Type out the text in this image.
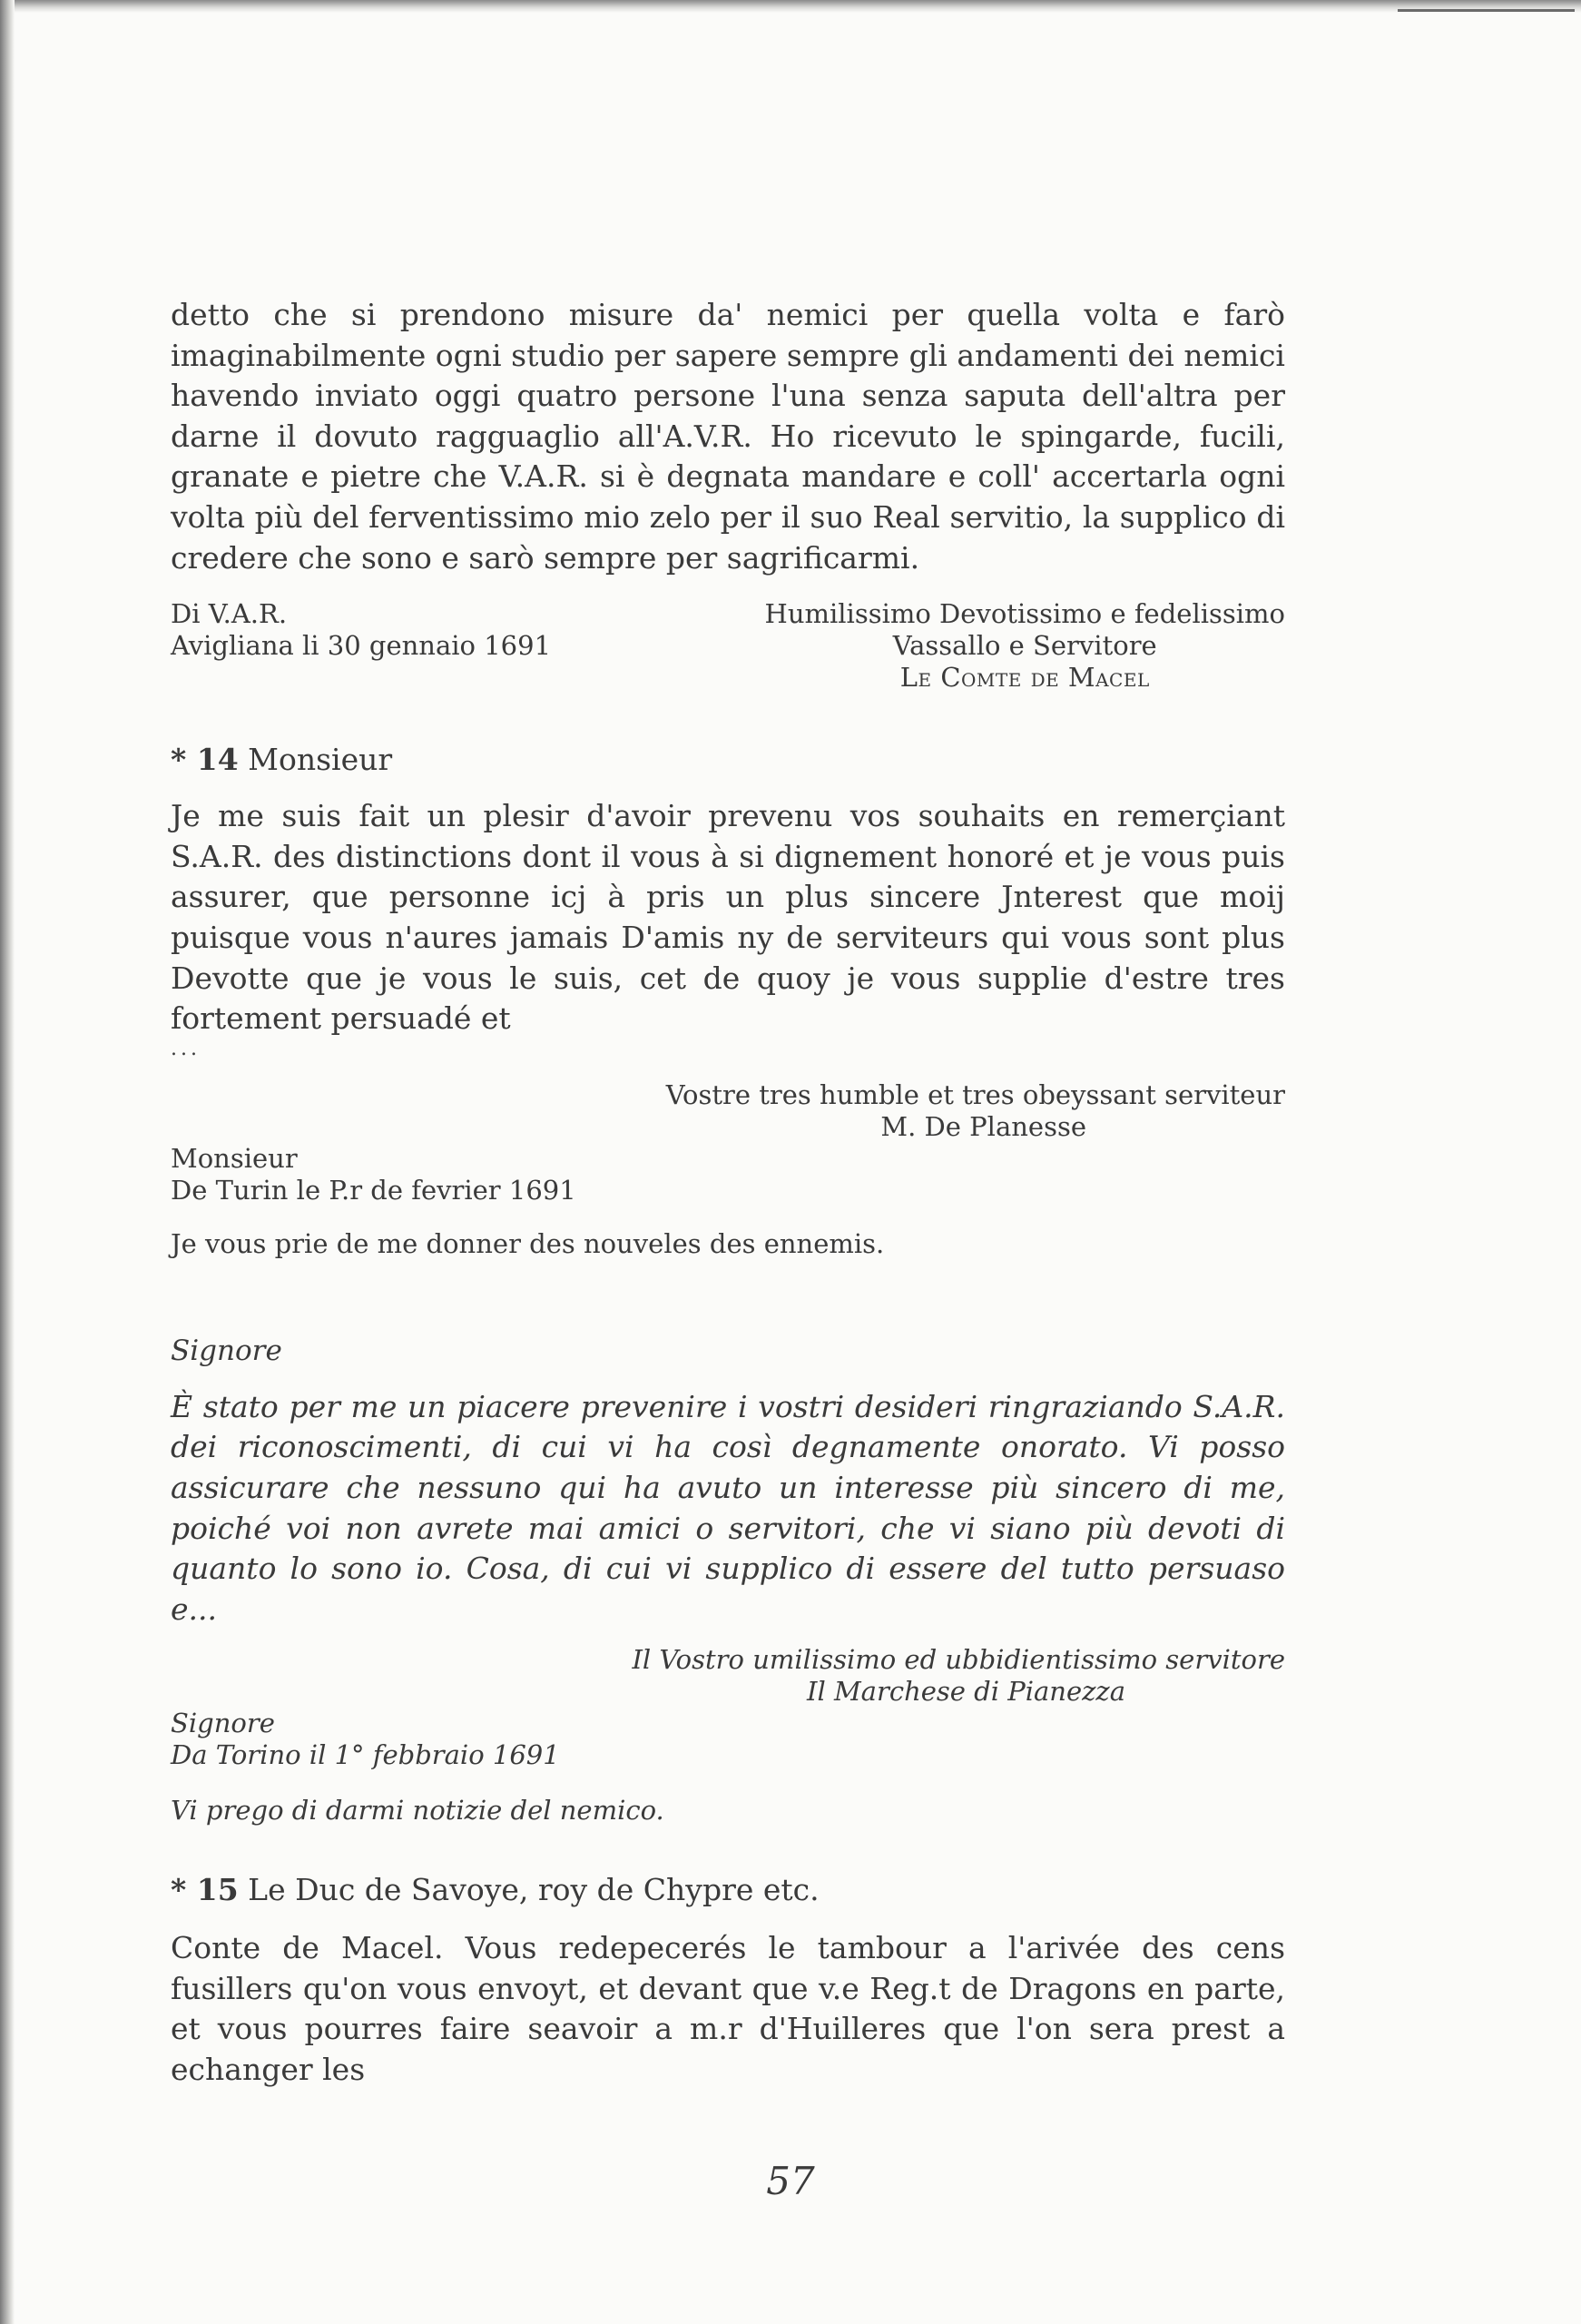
detto che si prendono misure da' nemici per quella volta e farò imaginabilmente ogni studio per sapere sempre gli andamenti dei nemici havendo inviato oggi quatro persone l'una senza saputa dell'altra per darne il dovuto ragguaglio all'A.V.R. Ho ricevuto le spingarde, fucili, granate e pietre che V.A.R. si è degnata mandare e coll' accertarla ogni volta più del ferventissimo mio zelo per il suo Real servitio, la supplico di credere che sono e sarò sempre per sagrificarmi.

Di V.A.R.
Avigliana li 30 gennaio 1691
Humilissimo Devotissimo e fedelissimo
Vassallo e Servitore
Le Comte de Macel
* 14 Monsieur

Je me suis fait un plesir d'avoir prevenu vos souhaits en remerçiant S.A.R. des distinctions dont il vous à si dignement honoré et je vous puis assurer, que personne icj à pris un plus sincere Jnterest que moij puisque vous n'aures jamais D'amis ny de serviteurs qui vous sont plus Devotte que je vous le suis, cet de quoy je vous supplie d'estre tres fortement persuadé et

...
Vostre tres humble et tres obeyssant serviteur
M. De Planesse
Monsieur
De Turin le P.r de fevrier 1691
Je vous prie de me donner des nouveles des ennemis.
Signore

È stato per me un piacere prevenire i vostri desideri ringraziando S.A.R. dei riconoscimenti, di cui vi ha così degnamente onorato. Vi posso assicurare che nessuno qui ha avuto un interesse più sincero di me, poiché voi non avrete mai amici o servitori, che vi siano più devoti di quanto lo sono io. Cosa, di cui vi supplico di essere del tutto persuaso e...

Il Vostro umilissimo ed ubbidientissimo servitore
Il Marchese di Pianezza
Signore
Da Torino il 1° febbraio 1691
Vi prego di darmi notizie del nemico.
* 15 Le Duc de Savoye, roy de Chypre etc.

Conte de Macel. Vous redepecerés le tambour a l'arivée des cens fusillers qu'on vous envoyt, et devant que v.e Reg.t de Dragons en parte, et vous pourres faire seavoir a m.r d'Huilleres que l'on sera prest a echanger les

57
